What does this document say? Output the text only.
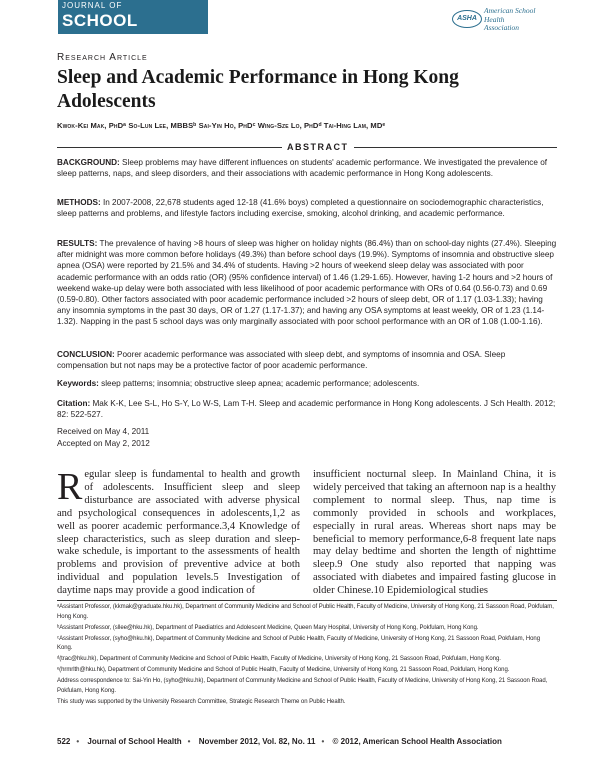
JOURNAL OF
SCHOOL HEALTH
ASHA
American School Health
Association
Research Article
Sleep and Academic Performance in Hong Kong Adolescents
Kwok-Kei Mak, PhDᵃ So-Lun Lee, MBBSᵇ Sai-Yin Ho, PhDᶜ Wing-Sze Lo, PhDᵈ Tai-Hing Lam, MDᵉ
ABSTRACT
BACKGROUND: Sleep problems may have different influences on students' academic performance. We investigated the prevalence of sleep patterns, naps, and sleep disorders, and their associations with academic performance in Hong Kong adolescents.
METHODS: In 2007-2008, 22,678 students aged 12-18 (41.6% boys) completed a questionnaire on sociodemographic characteristics, sleep patterns and problems, and lifestyle factors including exercise, smoking, alcohol drinking, and academic performance.
RESULTS: The prevalence of having >8 hours of sleep was higher on holiday nights (86.4%) than on school-day nights (27.4%). Sleeping after midnight was more common before holidays (49.3%) than before school days (19.9%). Symptoms of insomnia and obstructive sleep apnea (OSA) were reported by 21.5% and 34.4% of students. Having >2 hours of weekend sleep delay was associated with poor academic performance with an odds ratio (OR) (95% confidence interval) of 1.46 (1.29-1.65). However, having 1-2 hours and >2 hours of weekend wake-up delay were both associated with less likelihood of poor academic performance with ORs of 0.64 (0.56-0.73) and 0.69 (0.59-0.80). Other factors associated with poor academic performance included >2 hours of sleep debt, OR of 1.17 (1.03-1.33); having any insomnia symptoms in the past 30 days, OR of 1.27 (1.17-1.37); and having any OSA symptoms at least weekly, OR of 1.23 (1.14-1.32). Napping in the past 5 school days was only marginally associated with poor school performance with an OR of 1.08 (1.00-1.16).
CONCLUSION: Poorer academic performance was associated with sleep debt, and symptoms of insomnia and OSA. Sleep compensation but not naps may be a protective factor of poor academic performance.
Keywords: sleep patterns; insomnia; obstructive sleep apnea; academic performance; adolescents.
Citation: Mak K-K, Lee S-L, Ho S-Y, Lo W-S, Lam T-H. Sleep and academic performance in Hong Kong adolescents. J Sch Health. 2012; 82: 522-527.
Received on May 4, 2011
Accepted on May 2, 2012
Regular sleep is fundamental to health and growth of adolescents. Insufficient sleep and sleep disturbance are associated with adverse physical and psychological consequences in adolescents,1,2 as well as poorer academic performance.3,4 Knowledge of sleep characteristics, such as sleep duration and sleep-wake schedule, is important to the assessments of health problems and provision of preventive advice at both individual and population levels.5 Investigation of daytime naps may provide a good indication of
insufficient nocturnal sleep. In Mainland China, it is widely perceived that taking an afternoon nap is a healthy complement to normal sleep. Thus, nap time is commonly provided in schools and workplaces, especially in rural areas. Whereas short naps may be beneficial to memory performance,6-8 frequent late naps may delay bedtime and shorten the length of nighttime sleep.9 One study also reported that napping was associated with diabetes and impaired fasting glucose in older Chinese.10 Epidemiological studies

ᵃAssistant Professor, (kkmak@graduate.hku.hk), Department of Community Medicine and School of Public Health, Faculty of Medicine, University of Hong Kong, 21 Sassoon Road, Pokfulam, Hong Kong.

ᵇAssistant Professor, (sllee@hku.hk), Department of Paediatrics and Adolescent Medicine, Queen Mary Hospital, University of Hong Kong, Pokfulam, Hong Kong.

ᶜAssistant Professor, (syho@hku.hk), Department of Community Medicine and School of Public Health, Faculty of Medicine, University of Hong Kong, 21 Sassoon Road, Pokfulam, Hong Kong.

ᵈ(trac@hku.hk), Department of Community Medicine and School of Public Health, Faculty of Medicine, University of Hong Kong, 21 Sassoon Road, Pokfulam, Hong Kong.

ᵉ(hrmrlth@hku.hk), Department of Community Medicine and School of Public Health, Faculty of Medicine, University of Hong Kong, 21 Sassoon Road, Pokfulam, Hong Kong.

Address correspondence to: Sai-Yin Ho, (syho@hku.hk), Department of Community Medicine and School of Public Health, Faculty of Medicine, University of Hong Kong, 21 Sassoon Road, Pokfulam, Hong Kong.

This study was supported by the University Research Committee, Strategic Research Theme on Public Health.

522 • Journal of School Health • November 2012, Vol. 82, No. 11 • © 2012, American School Health Association
